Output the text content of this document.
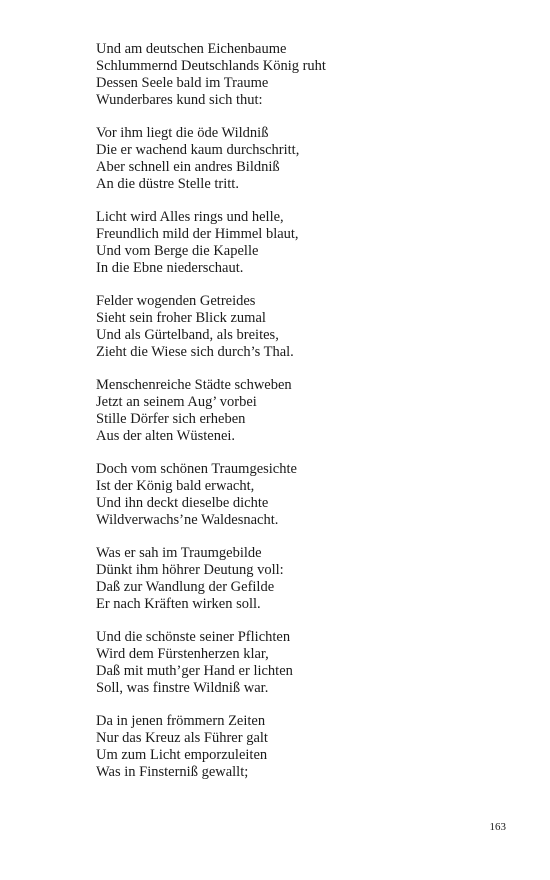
Und am deutschen Eichenbaume
Schlummernd Deutschlands König ruht
Dessen Seele bald im Traume
Wunderbares kund sich thut:
Vor ihm liegt die öde Wildniß
Die er wachend kaum durchschritt,
Aber schnell ein andres Bildniß
An die düstre Stelle tritt.
Licht wird Alles rings und helle,
Freundlich mild der Himmel blaut,
Und vom Berge die Kapelle
In die Ebne niederschaut.
Felder wogenden Getreides
Sieht sein froher Blick zumal
Und als Gürtelband, als breites,
Zieht die Wiese sich durch’s Thal.
Menschenreiche Städte schweben
Jetzt an seinem Aug’ vorbei
Stille Dörfer sich erheben
Aus der alten Wüstenei.
Doch vom schönen Traumgesichte
Ist der König bald erwacht,
Und ihn deckt dieselbe dichte
Wildverwachs’ne Waldesnacht.
Was er sah im Traumgebilde
Dünkt ihm höhrer Deutung voll:
Daß zur Wandlung der Gefilde
Er nach Kräften wirken soll.
Und die schönste seiner Pflichten
Wird dem Fürstenherzen klar,
Daß mit muth’ger Hand er lichten
Soll, was finstre Wildniß war.
Da in jenen frömmern Zeiten
Nur das Kreuz als Führer galt
Um zum Licht emporzuleiten
Was in Finsterniß gewallt;
163
